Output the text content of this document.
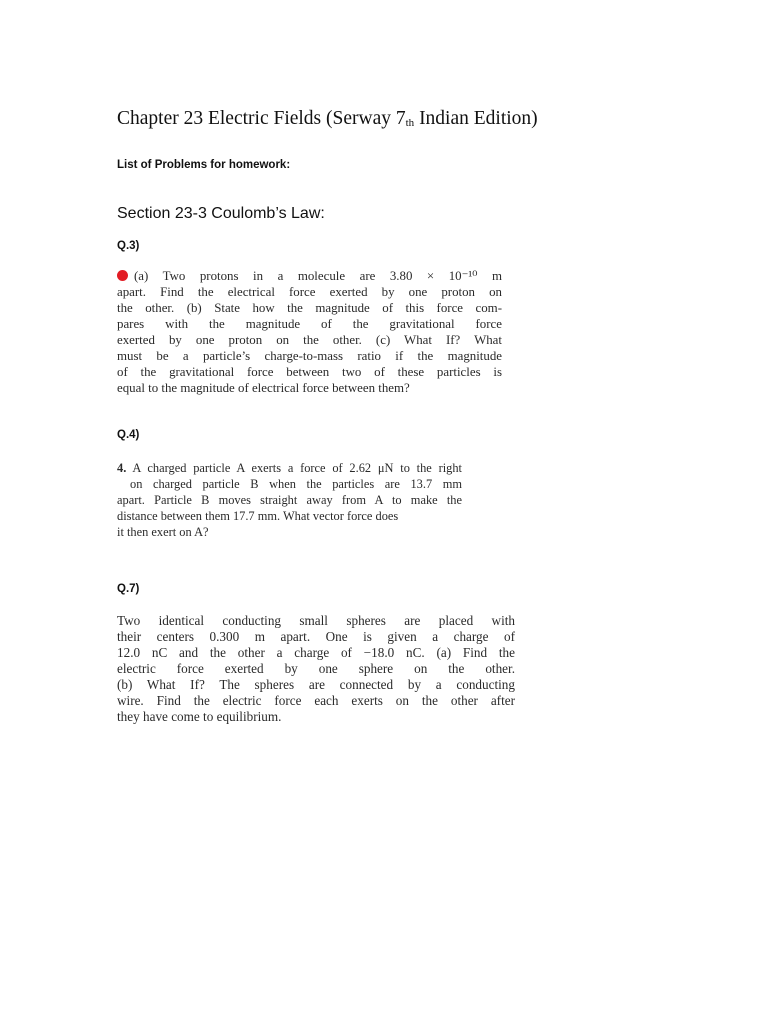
Chapter 23 Electric Fields (Serway $7_{th}$ Indian Edition)
List of Problems for homework:
Section 23-3 Coulomb’s Law:
Q.3)

(a) Two protons in a molecule are 3.80 × 10⁻¹⁰ m

apart. Find the electrical force exerted by one proton on

the other. (b) State how the magnitude of this force com-

pares with the magnitude of the gravitational force

exerted by one proton on the other. (c) What If? What

must be a particle’s charge-to-mass ratio if the magnitude

of the gravitational force between two of these particles is

equal to the magnitude of electrical force between them?

Q.4)

4. A charged particle A exerts a force of 2.62 μN to the right

on charged particle B when the particles are 13.7 mm

apart. Particle B moves straight away from A to make the

distance between them 17.7 mm. What vector force does

it then exert on A?

Q.7)

Two identical conducting small spheres are placed with

their centers 0.300 m apart. One is given a charge of

12.0 nC and the other a charge of −18.0 nC. (a) Find the

electric force exerted by one sphere on the other.

(b) What If? The spheres are connected by a conducting

wire. Find the electric force each exerts on the other after

they have come to equilibrium.
